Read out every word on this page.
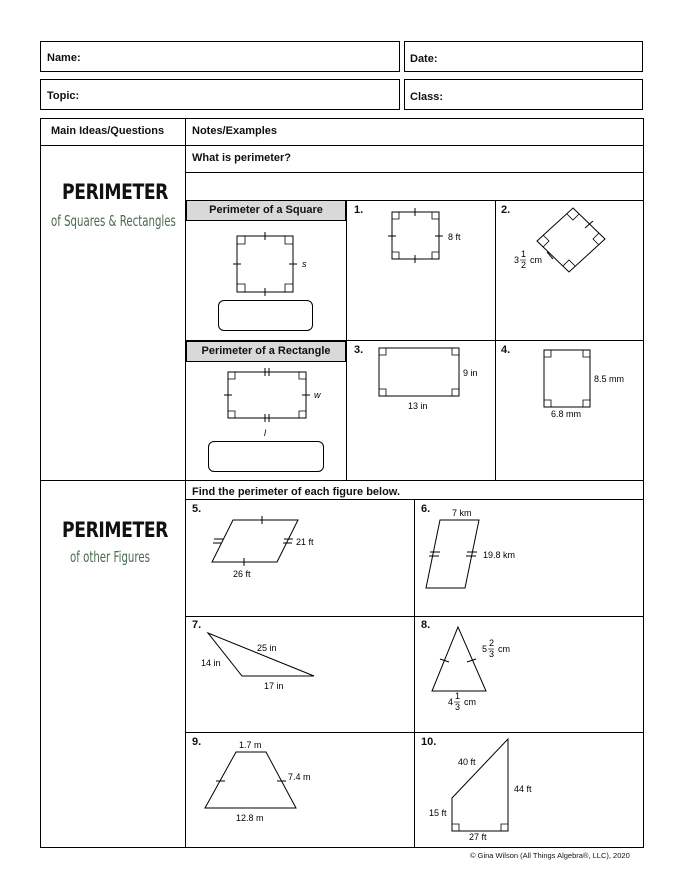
Name:	Date:
Topic:	Class:
Main Ideas/Questions	Notes/Examples
PERIMETER
of Squares & Rectangles
What is perimeter?
Perimeter of a Square
s
1.
8 ft
2.
3
1
2 cm
Perimeter of a Rectangle
w
l
3.
9 in
13 in
4.
8.5 mm
6.8 mm
PERIMETER
of other Figures
Find the perimeter of each figure below.
5.
21 ft
26 ft
6. 7 km
19.8 km
7.
25 in
14 in
17 in
8.
5
2
3 cm
4
1
3 cm
9.	1.7 m
7.4 m
12.8 m
10.
40 ft
44 ft
15 ft
27 ft
© Gina Wilson (All Things Algebra®, LLC), 2020
